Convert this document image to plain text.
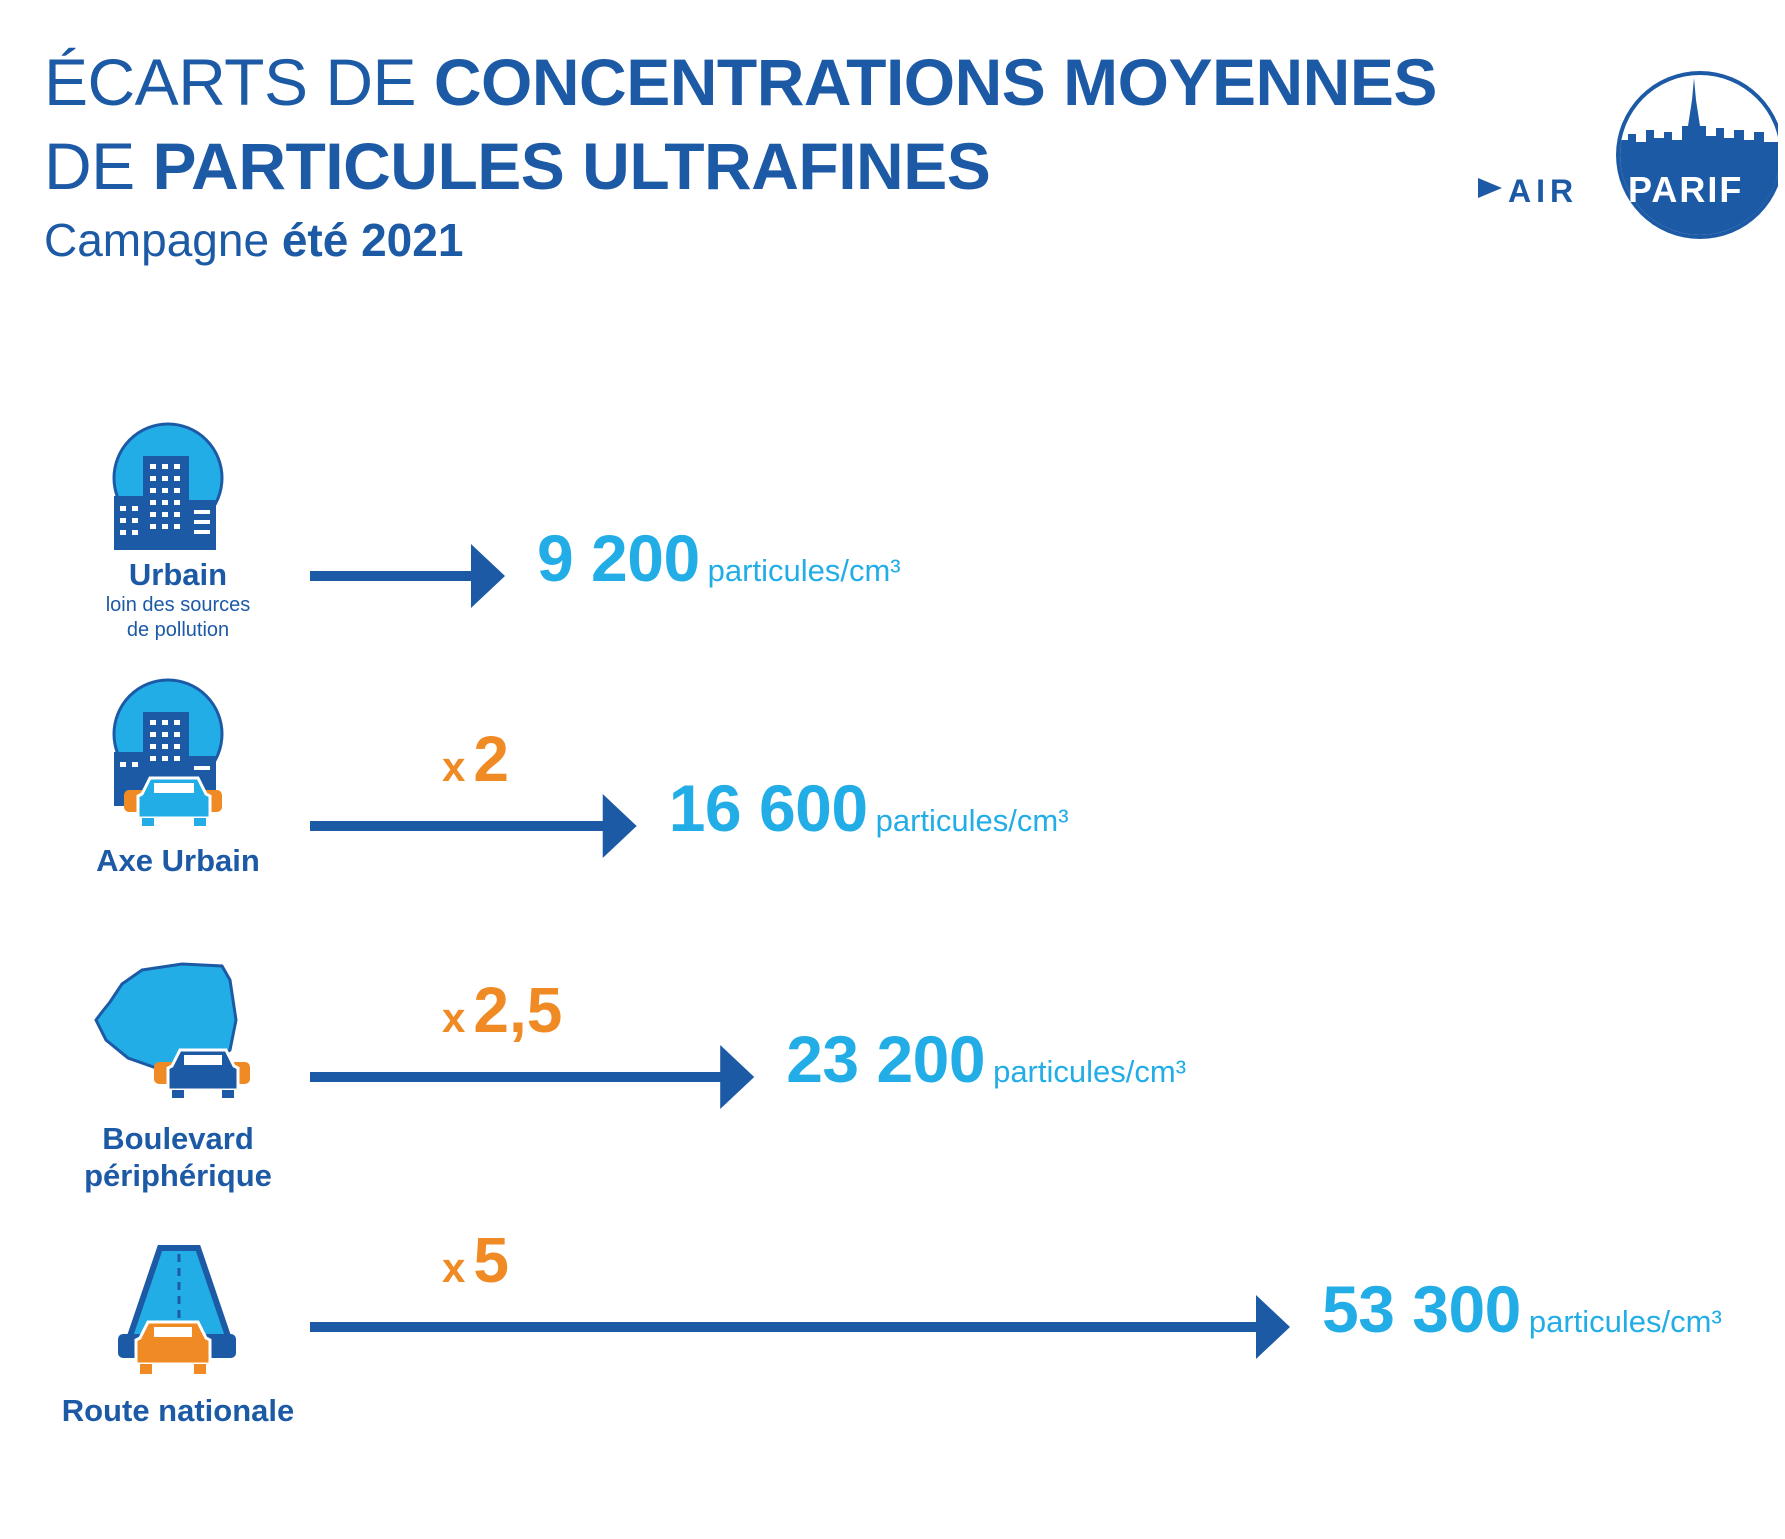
ÉCARTS DE CONCENTRATIONS MOYENNES
DE PARTICULES ULTRAFINES
Campagne été 2021
AIR PARIF
Urbain
loin des sources
de pollution
Axe Urbain
Boulevard
périphérique
Route nationale
9 200 particules/cm³
16 600 particules/cm³
23 200 particules/cm³
53 300 particules/cm³
x 2
x 2,5
x 5
